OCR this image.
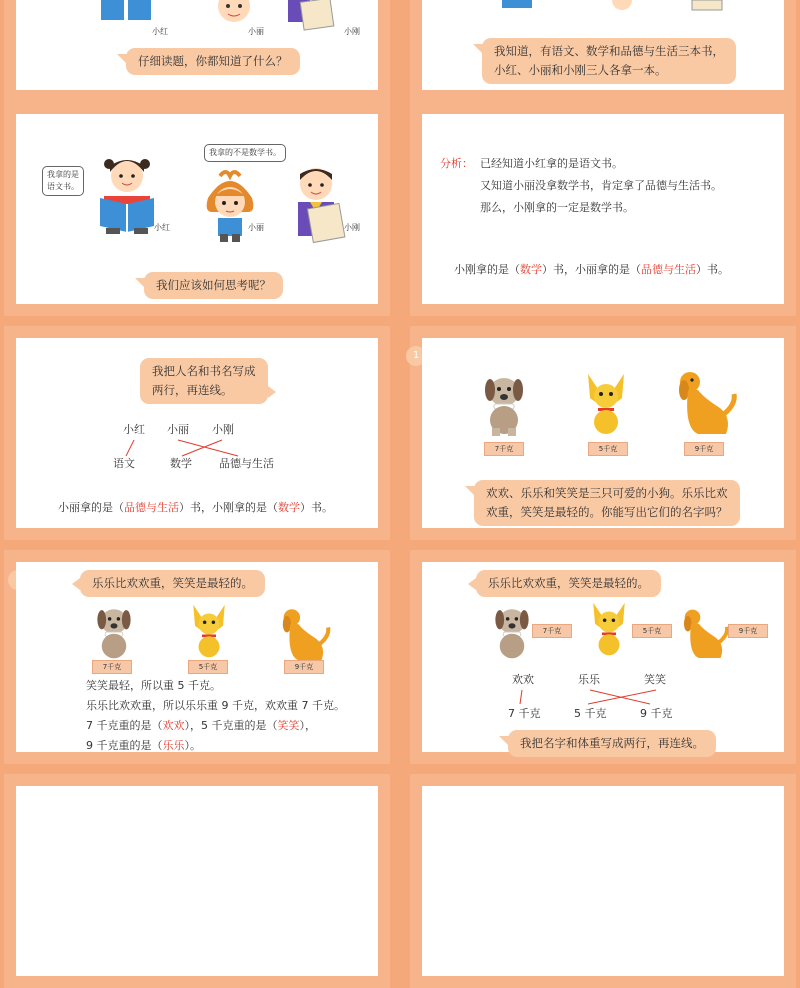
小红	小丽	小刚
仔细读题，你都知道了什么？
我知道，有语文、数学和品德与生活三本书，
小红、小丽和小刚三人各拿一本。
我拿的是
语文书。
我拿的不是数学书。
小红	小丽	小刚
我们应该如何思考呢？
分析： 已经知道小红拿的是语文书。
又知道小丽没拿数学书，肯定拿了品德与生活书。
那么，小刚拿的一定是数学书。
小刚拿的是（数学）书，小丽拿的是（品德与生活）书。
我把人名和书名写成
两行，再连线。
小红 小丽 小刚
语文	数学 品德与生活
小丽拿的是（品德与生活）书，小刚拿的是（数学）书。
1
7千克	5千克	9千克
欢欢、乐乐和笑笑是三只可爱的小狗。乐乐比欢
欢重，笑笑是最轻的。你能写出它们的名字吗？
乐乐比欢欢重，笑笑是最轻的。
7千克	5千克	9千克
笑笑最轻，所以重 5 千克。
乐乐比欢欢重，所以乐乐重 9 千克，欢欢重 7 千克。
7 千克重的是（欢欢），5 千克重的是（笑笑），
9 千克重的是（乐乐）。
乐乐比欢欢重，笑笑是最轻的。
7千克	5千克	9千克
欢欢	乐乐	笑笑
7 千克	5 千克	9 千克
我把名字和体重写成两行，再连线。
